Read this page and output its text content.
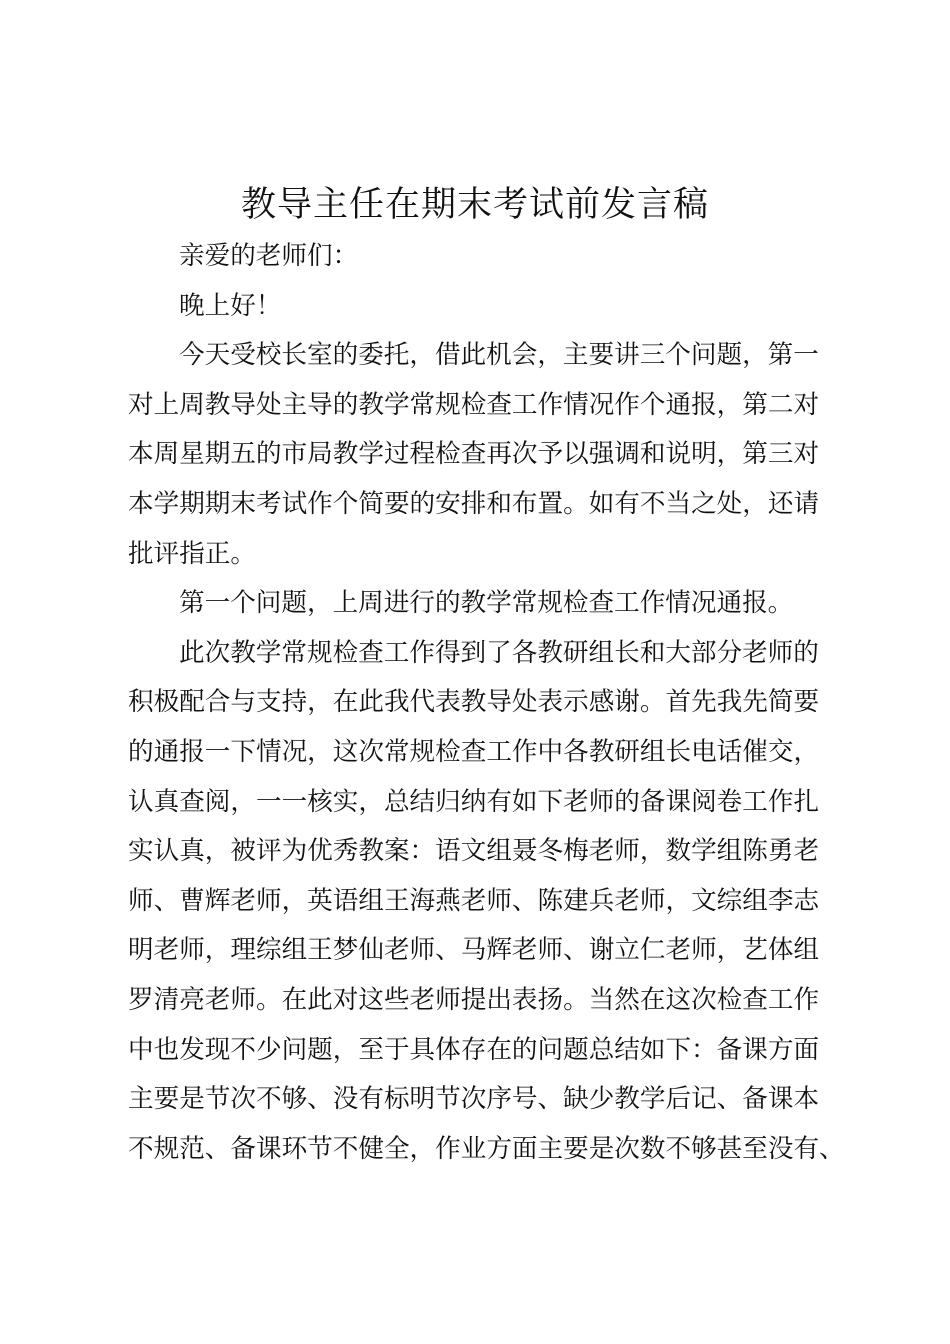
教导主任在期末考试前发言稿

亲爱的老师们：

晚上好！

今天受校长室的委托，借此机会，主要讲三个问题，第一
对上周教导处主导的教学常规检查工作情况作个通报，第二对
本周星期五的市局教学过程检查再次予以强调和说明，第三对
本学期期末考试作个简要的安排和布置。如有不当之处，还请
批评指正。

第一个问题，上周进行的教学常规检查工作情况通报。

此次教学常规检查工作得到了各教研组长和大部分老师的
积极配合与支持，在此我代表教导处表示感谢。首先我先简要
的通报一下情况，这次常规检查工作中各教研组长电话催交，
认真查阅，一一核实，总结归纳有如下老师的备课阅卷工作扎
实认真，被评为优秀教案：语文组聂冬梅老师，数学组陈勇老
师、曹辉老师，英语组王海燕老师、陈建兵老师，文综组李志
明老师，理综组王梦仙老师、马辉老师、谢立仁老师，艺体组
罗清亮老师。在此对这些老师提出表扬。当然在这次检查工作
中也发现不少问题，至于具体存在的问题总结如下：备课方面
主要是节次不够、没有标明节次序号、缺少教学后记、备课本
不规范、备课环节不健全，作业方面主要是次数不够甚至没有、
